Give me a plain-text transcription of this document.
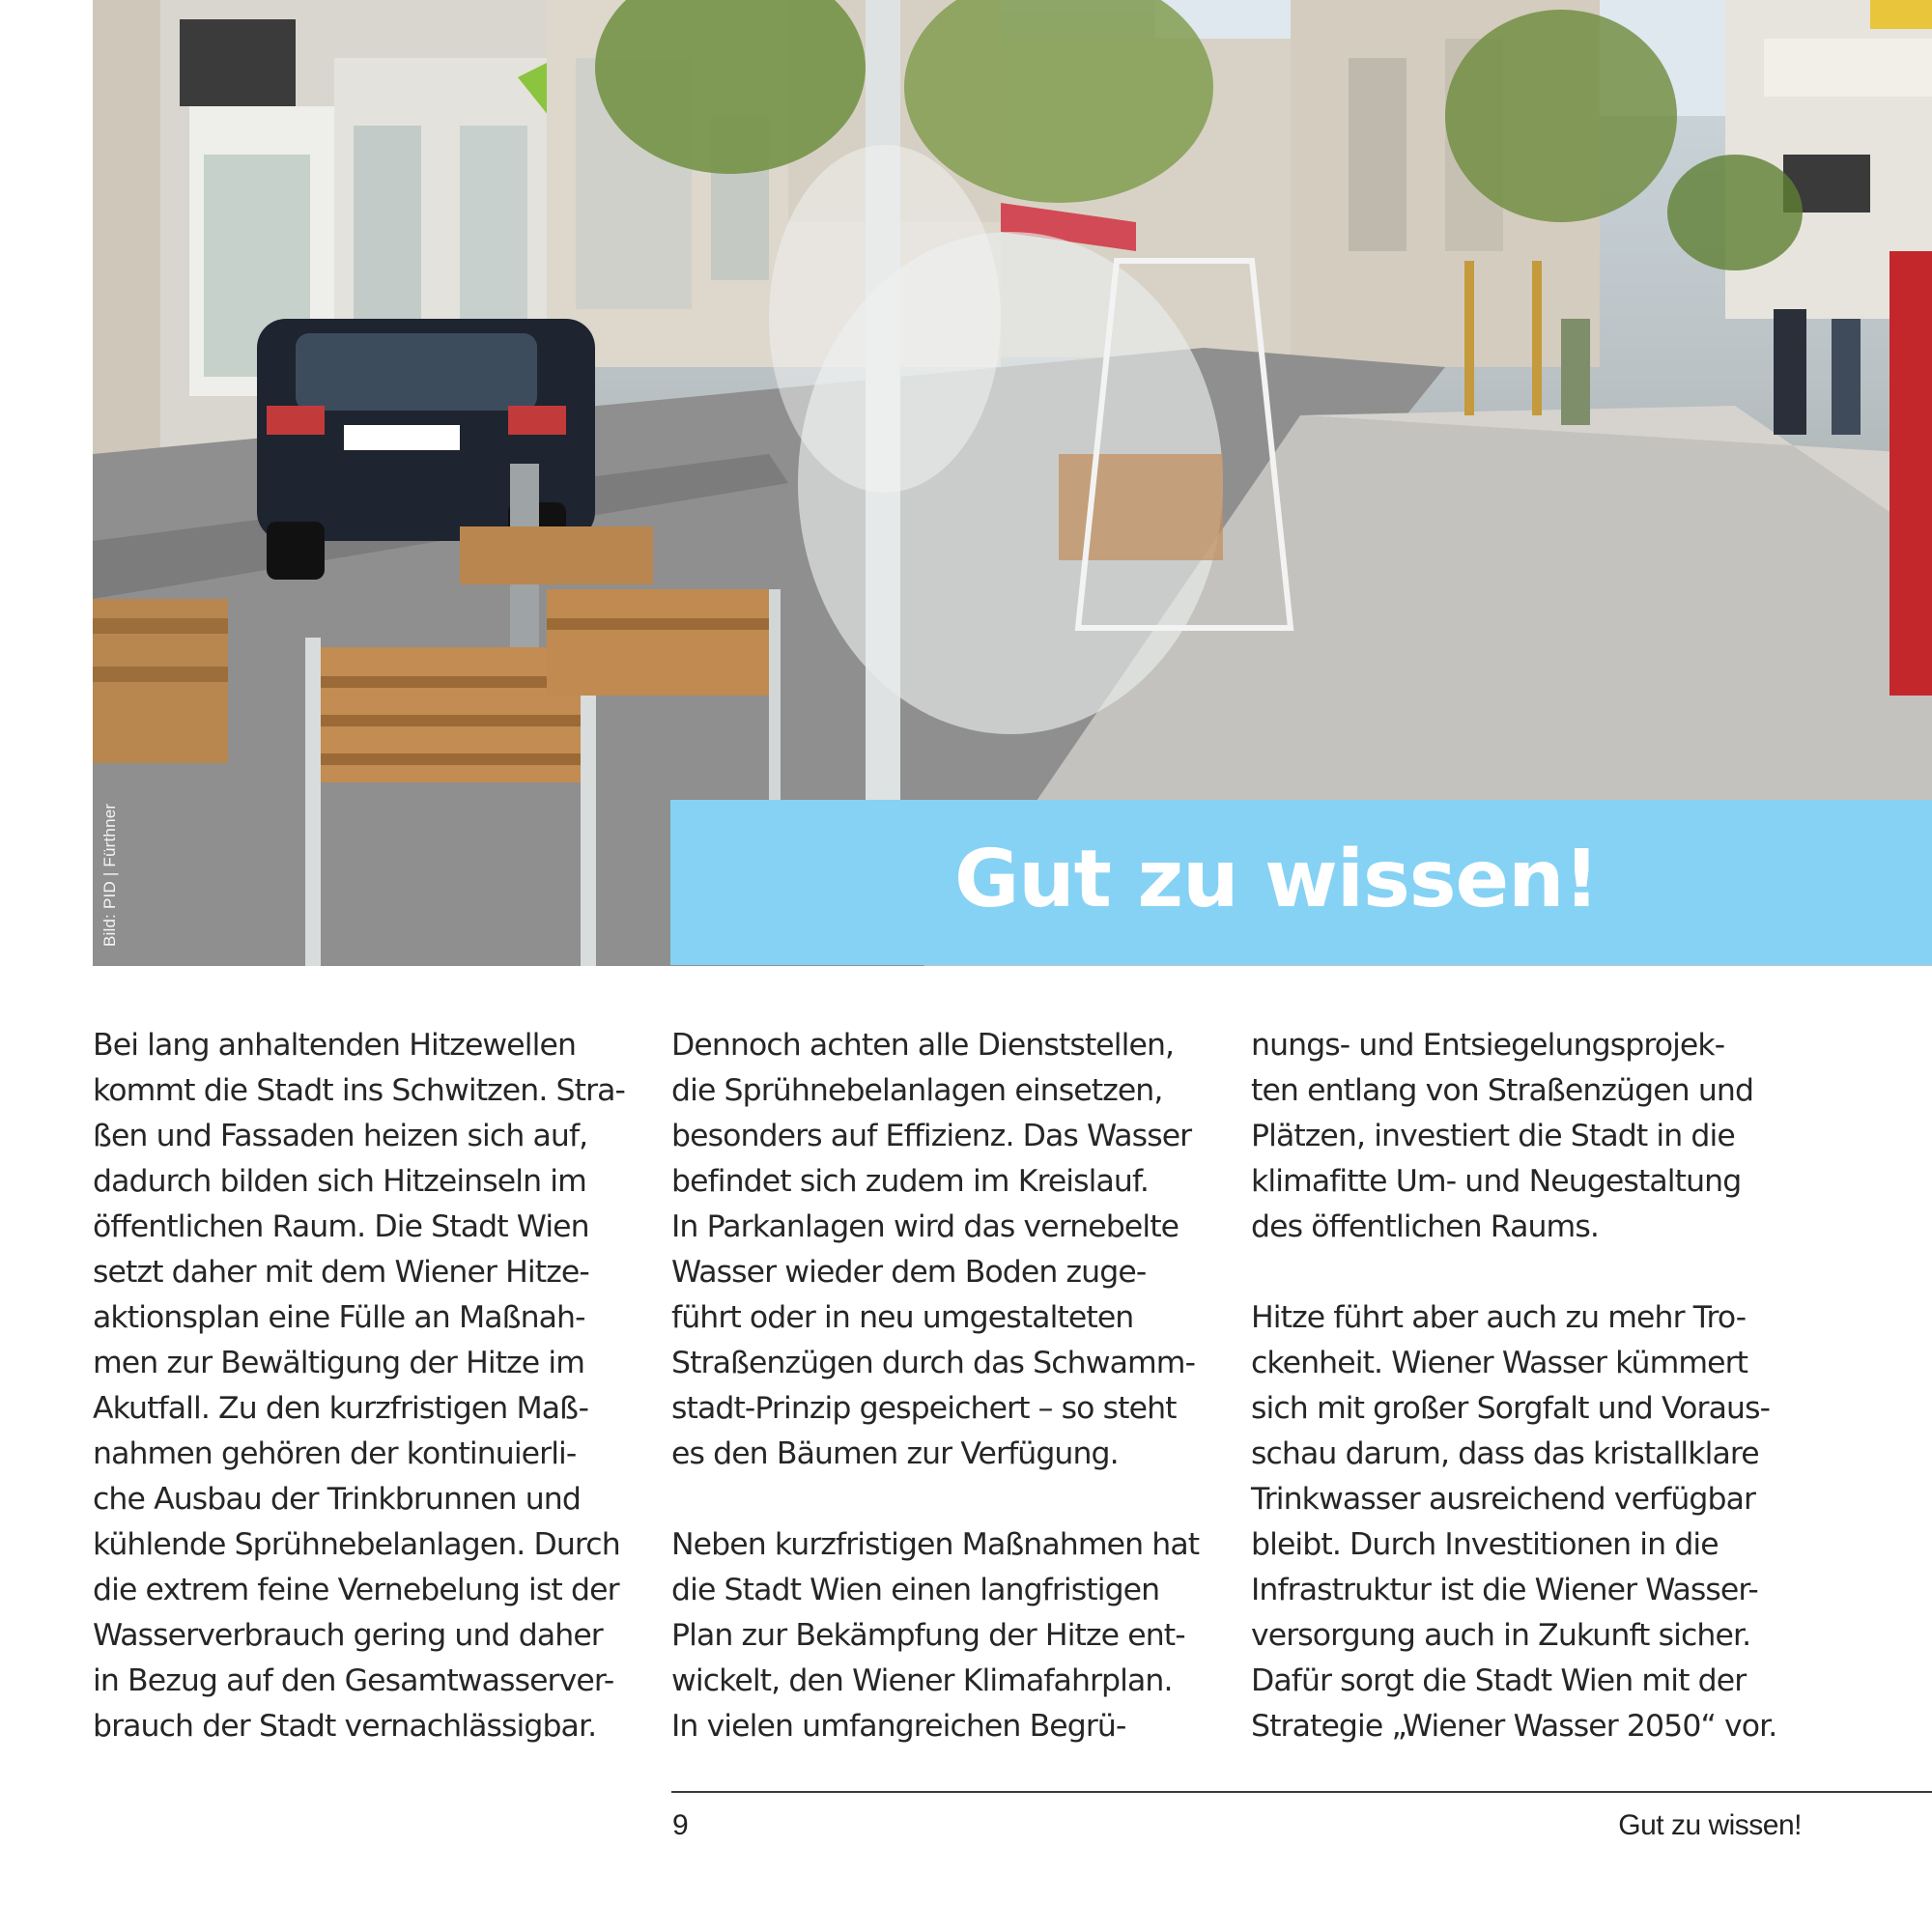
Bild: PID | Fürthner	Gut zu wissen!
Bei lang anhaltenden Hitzewellen
kommt die Stadt ins Schwitzen. Stra-
ßen und Fassaden heizen sich auf,
dadurch bilden sich Hitzeinseln im
öffentlichen Raum. Die Stadt Wien
setzt daher mit dem Wiener Hitze-
aktionsplan eine Fülle an Maßnah-
men zur Bewältigung der Hitze im
Akutfall. Zu den kurzfristigen Maß-
nahmen gehören der kontinuierli-
che Ausbau der Trinkbrunnen und
kühlende Sprühnebelanlagen. Durch
die extrem feine Vernebelung ist der
Wasserverbrauch gering und daher
in Bezug auf den Gesamtwasserver-
brauch der Stadt vernachlässigbar.
Dennoch achten alle Dienststellen,
die Sprühnebelanlagen einsetzen,
besonders auf Effizienz. Das Wasser
befindet sich zudem im Kreislauf.
In Parkanlagen wird das vernebelte
Wasser wieder dem Boden zuge-
führt oder in neu umgestalteten
Straßenzügen durch das Schwamm-
stadt-Prinzip gespeichert – so steht
es den Bäumen zur Verfügung.
Neben kurzfristigen Maßnahmen hat
die Stadt Wien einen langfristigen
Plan zur Bekämpfung der Hitze ent-
wickelt, den Wiener Klimafahrplan.
In vielen umfangreichen Begrü-
nungs- und Entsiegelungsprojek-
ten entlang von Straßenzügen und
Plätzen, investiert die Stadt in die
klimafitte Um- und Neugestaltung
des öffentlichen Raums.
Hitze führt aber auch zu mehr Tro-
ckenheit. Wiener Wasser kümmert
sich mit großer Sorgfalt und Voraus-
schau darum, dass das kristallklare
Trinkwasser ausreichend verfügbar
bleibt. Durch Investitionen in die
Infrastruktur ist die Wiener Wasser-
versorgung auch in Zukunft sicher.
Dafür sorgt die Stadt Wien mit der
Strategie „Wiener Wasser 2050“ vor.
9	Gut zu wissen!
